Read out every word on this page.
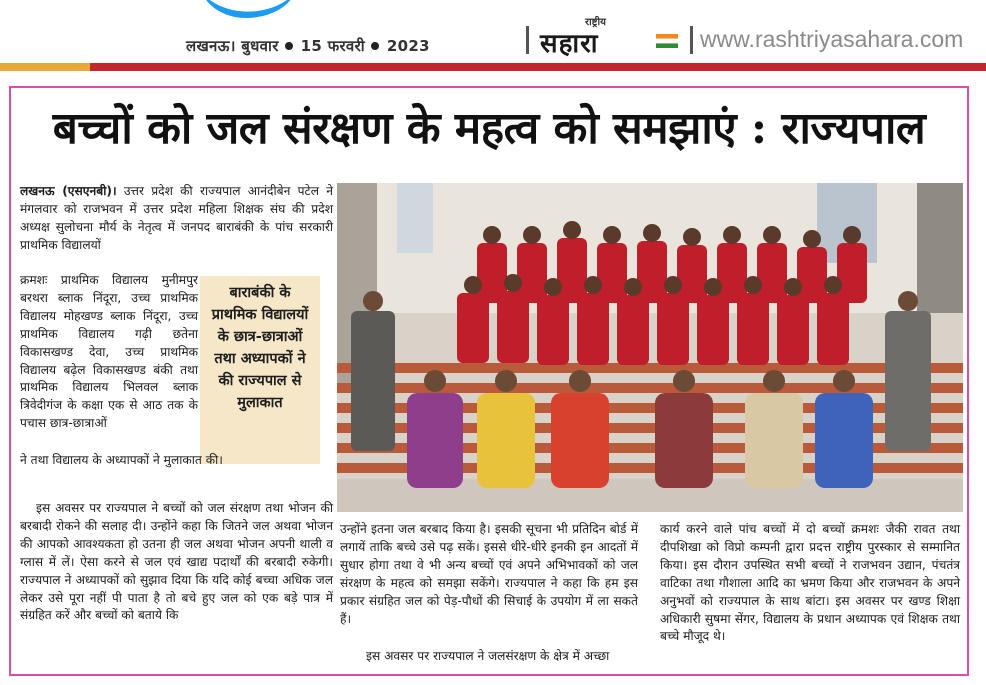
लखनऊ। बुधवार 15 फरवरी 2023
राष्ट्रीय
सहारा	www.rashtriyasahara.com
बच्चों को जल संरक्षण के महत्व को समझाएं : राज्यपाल
लखनऊ (एसएनबी)। उत्तर प्रदेश की राज्यपाल आनंदीबेन पटेल ने मंगलवार को राजभवन में उत्तर प्रदेश महिला शिक्षक संघ की प्रदेश अध्यक्ष सुलोचना मौर्य के नेतृत्व में जनपद बाराबंकी के पांच सरकारी प्राथमिक विद्यालयों
क्रमशः प्राथमिक विद्यालय मुनीमपुर बरथरा ब्लाक निंदूरा, उच्च प्राथमिक विद्यालय मोहखण्ड ब्लाक निंदूरा, उच्च प्राथमिक विद्यालय गढ़ी छतेना विकासखण्ड देवा, उच्च प्राथमिक विद्यालय बढ़ेल विकासखण्ड बंकी तथा प्राथमिक विद्यालय भिलवल ब्लाक त्रिवेदीगंज के कक्षा एक से आठ तक के पचास छात्र-छात्राओं
बाराबंकी के प्राथमिक विद्यालयों के छात्र-छात्राओं तथा अध्यापकों ने की राज्यपाल से मुलाकात
ने तथा विद्यालय के अध्यापकों ने मुलाकात की।
इस अवसर पर राज्यपाल ने बच्चों को जल संरक्षण तथा भोजन की बरबादी रोकने की सलाह दी। उन्होंने कहा कि जितने जल अथवा भोजन की आपको आवश्यकता हो उतना ही जल अथवा भोजन अपनी थाली व ग्लास में लें। ऐसा करने से जल एवं खाद्य पदार्थों की बरबादी रुकेगी। राज्यपाल ने अध्यापकों को सुझाव दिया कि यदि कोई बच्चा अधिक जल लेकर उसे पूरा नहीं पी पाता है तो बचे हुए जल को एक बड़े पात्र में संग्रहित करें और बच्चों को बताये कि
उन्होंने इतना जल बरबाद किया है। इसकी सूचना भी प्रतिदिन बोर्ड में लगायें ताकि बच्चे उसे पढ़ सकें। इससे धीरे-धीरे इनकी इन आदतों में सुधार होगा तथा वे भी अन्य बच्चों एवं अपने अभिभावकों को जल संरक्षण के महत्व को समझा सकेंगे। राज्यपाल ने कहा कि हम इस प्रकार संग्रहित जल को पेड़-पौधों की सिचाई के उपयोग में ला सकते हैं।
इस अवसर पर राज्यपाल ने जलसंरक्षण के क्षेत्र में अच्छा
कार्य करने वाले पांच बच्चों में दो बच्चों क्रमशः जैकी रावत तथा दीपशिखा को विप्रो कम्पनी द्वारा प्रदत्त राष्ट्रीय पुरस्कार से सम्मानित किया। इस दौरान उपस्थित सभी बच्चों ने राजभवन उद्यान, पंचतंत्र वाटिका तथा गौशाला आदि का भ्रमण किया और राजभवन के अपने अनुभवों को राज्यपाल के साथ बांटा। इस अवसर पर खण्ड शिक्षा अधिकारी सुषमा सेंगर, विद्यालय के प्रधान अध्यापक एवं शिक्षक तथा बच्चे मौजूद थे।
